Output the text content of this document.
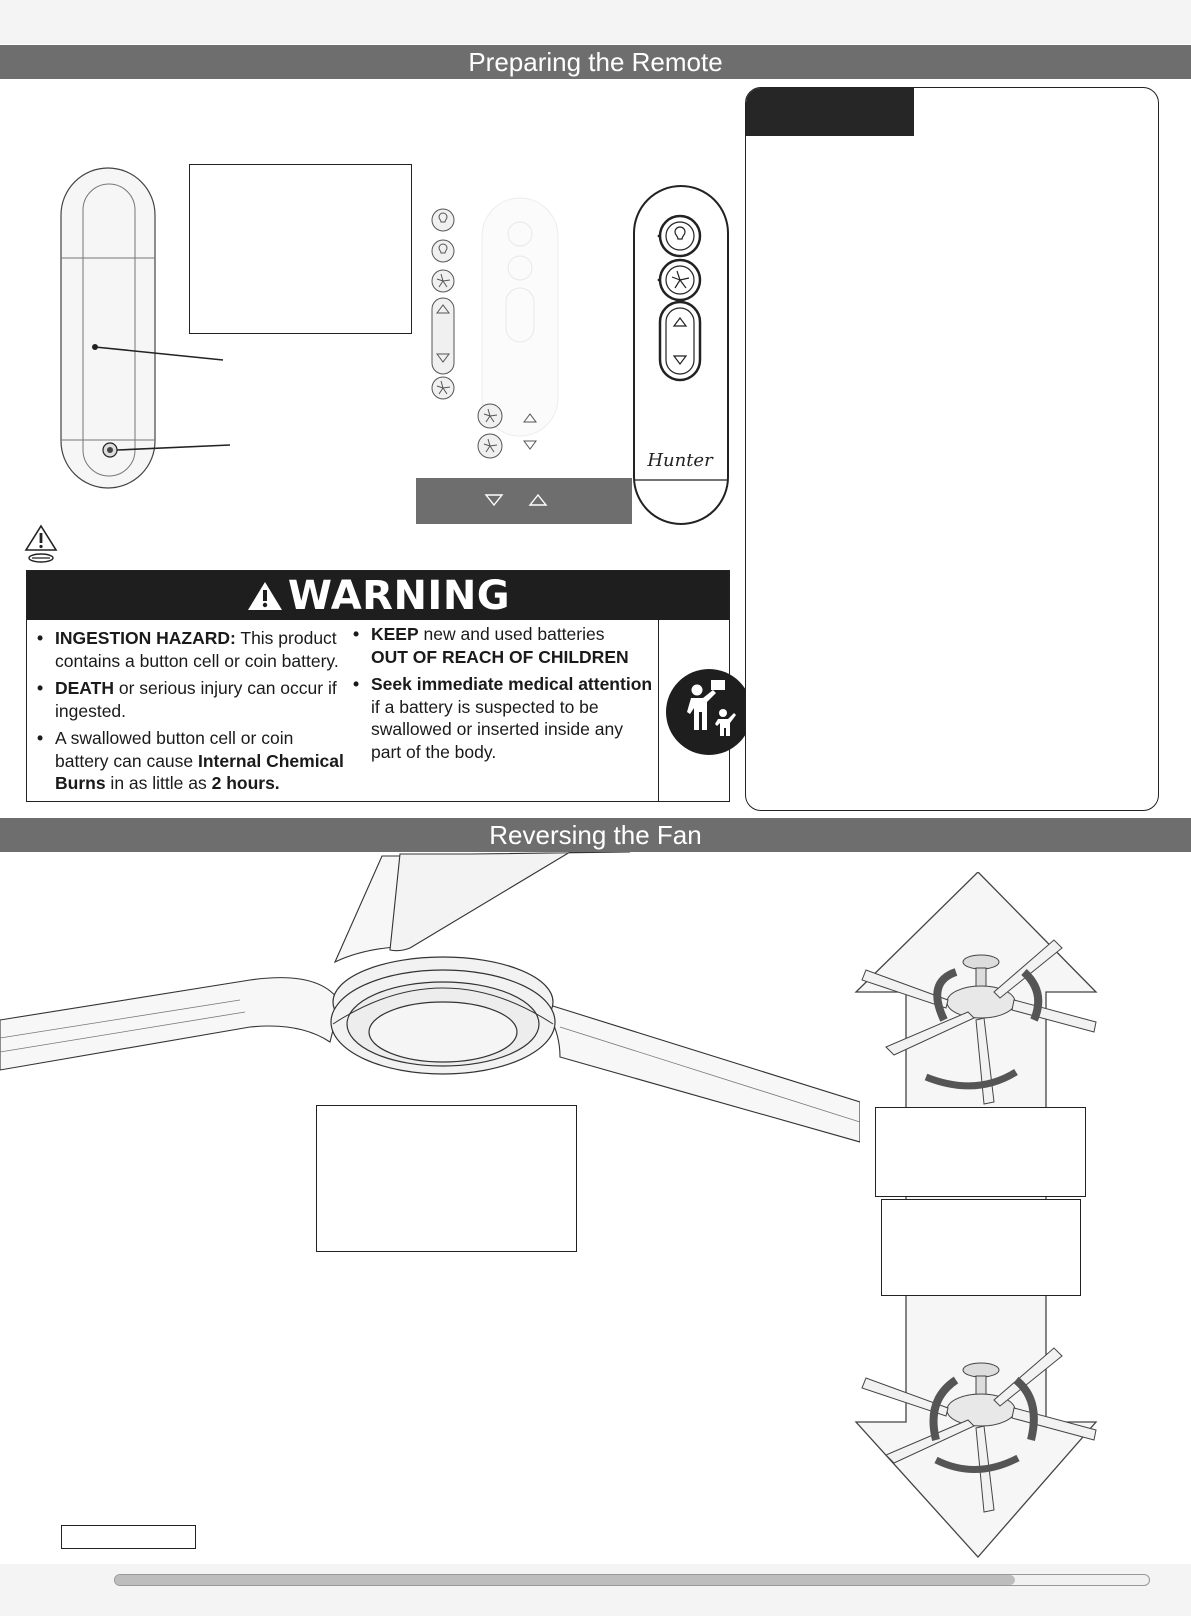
Preparing the Remote
Hunter
WARNING
• INGESTION HAZARD: This product contains a button cell or coin battery.
• DEATH or serious injury can occur if ingested.
• A swallowed button cell or coin battery can cause Internal Chemical Burns in as little as 2 hours.
• KEEP new and used batteries
OUT OF REACH OF CHILDREN
• Seek immediate medical attention if a battery is suspected to be swallowed or inserted inside any part of the body.
Reversing the Fan
